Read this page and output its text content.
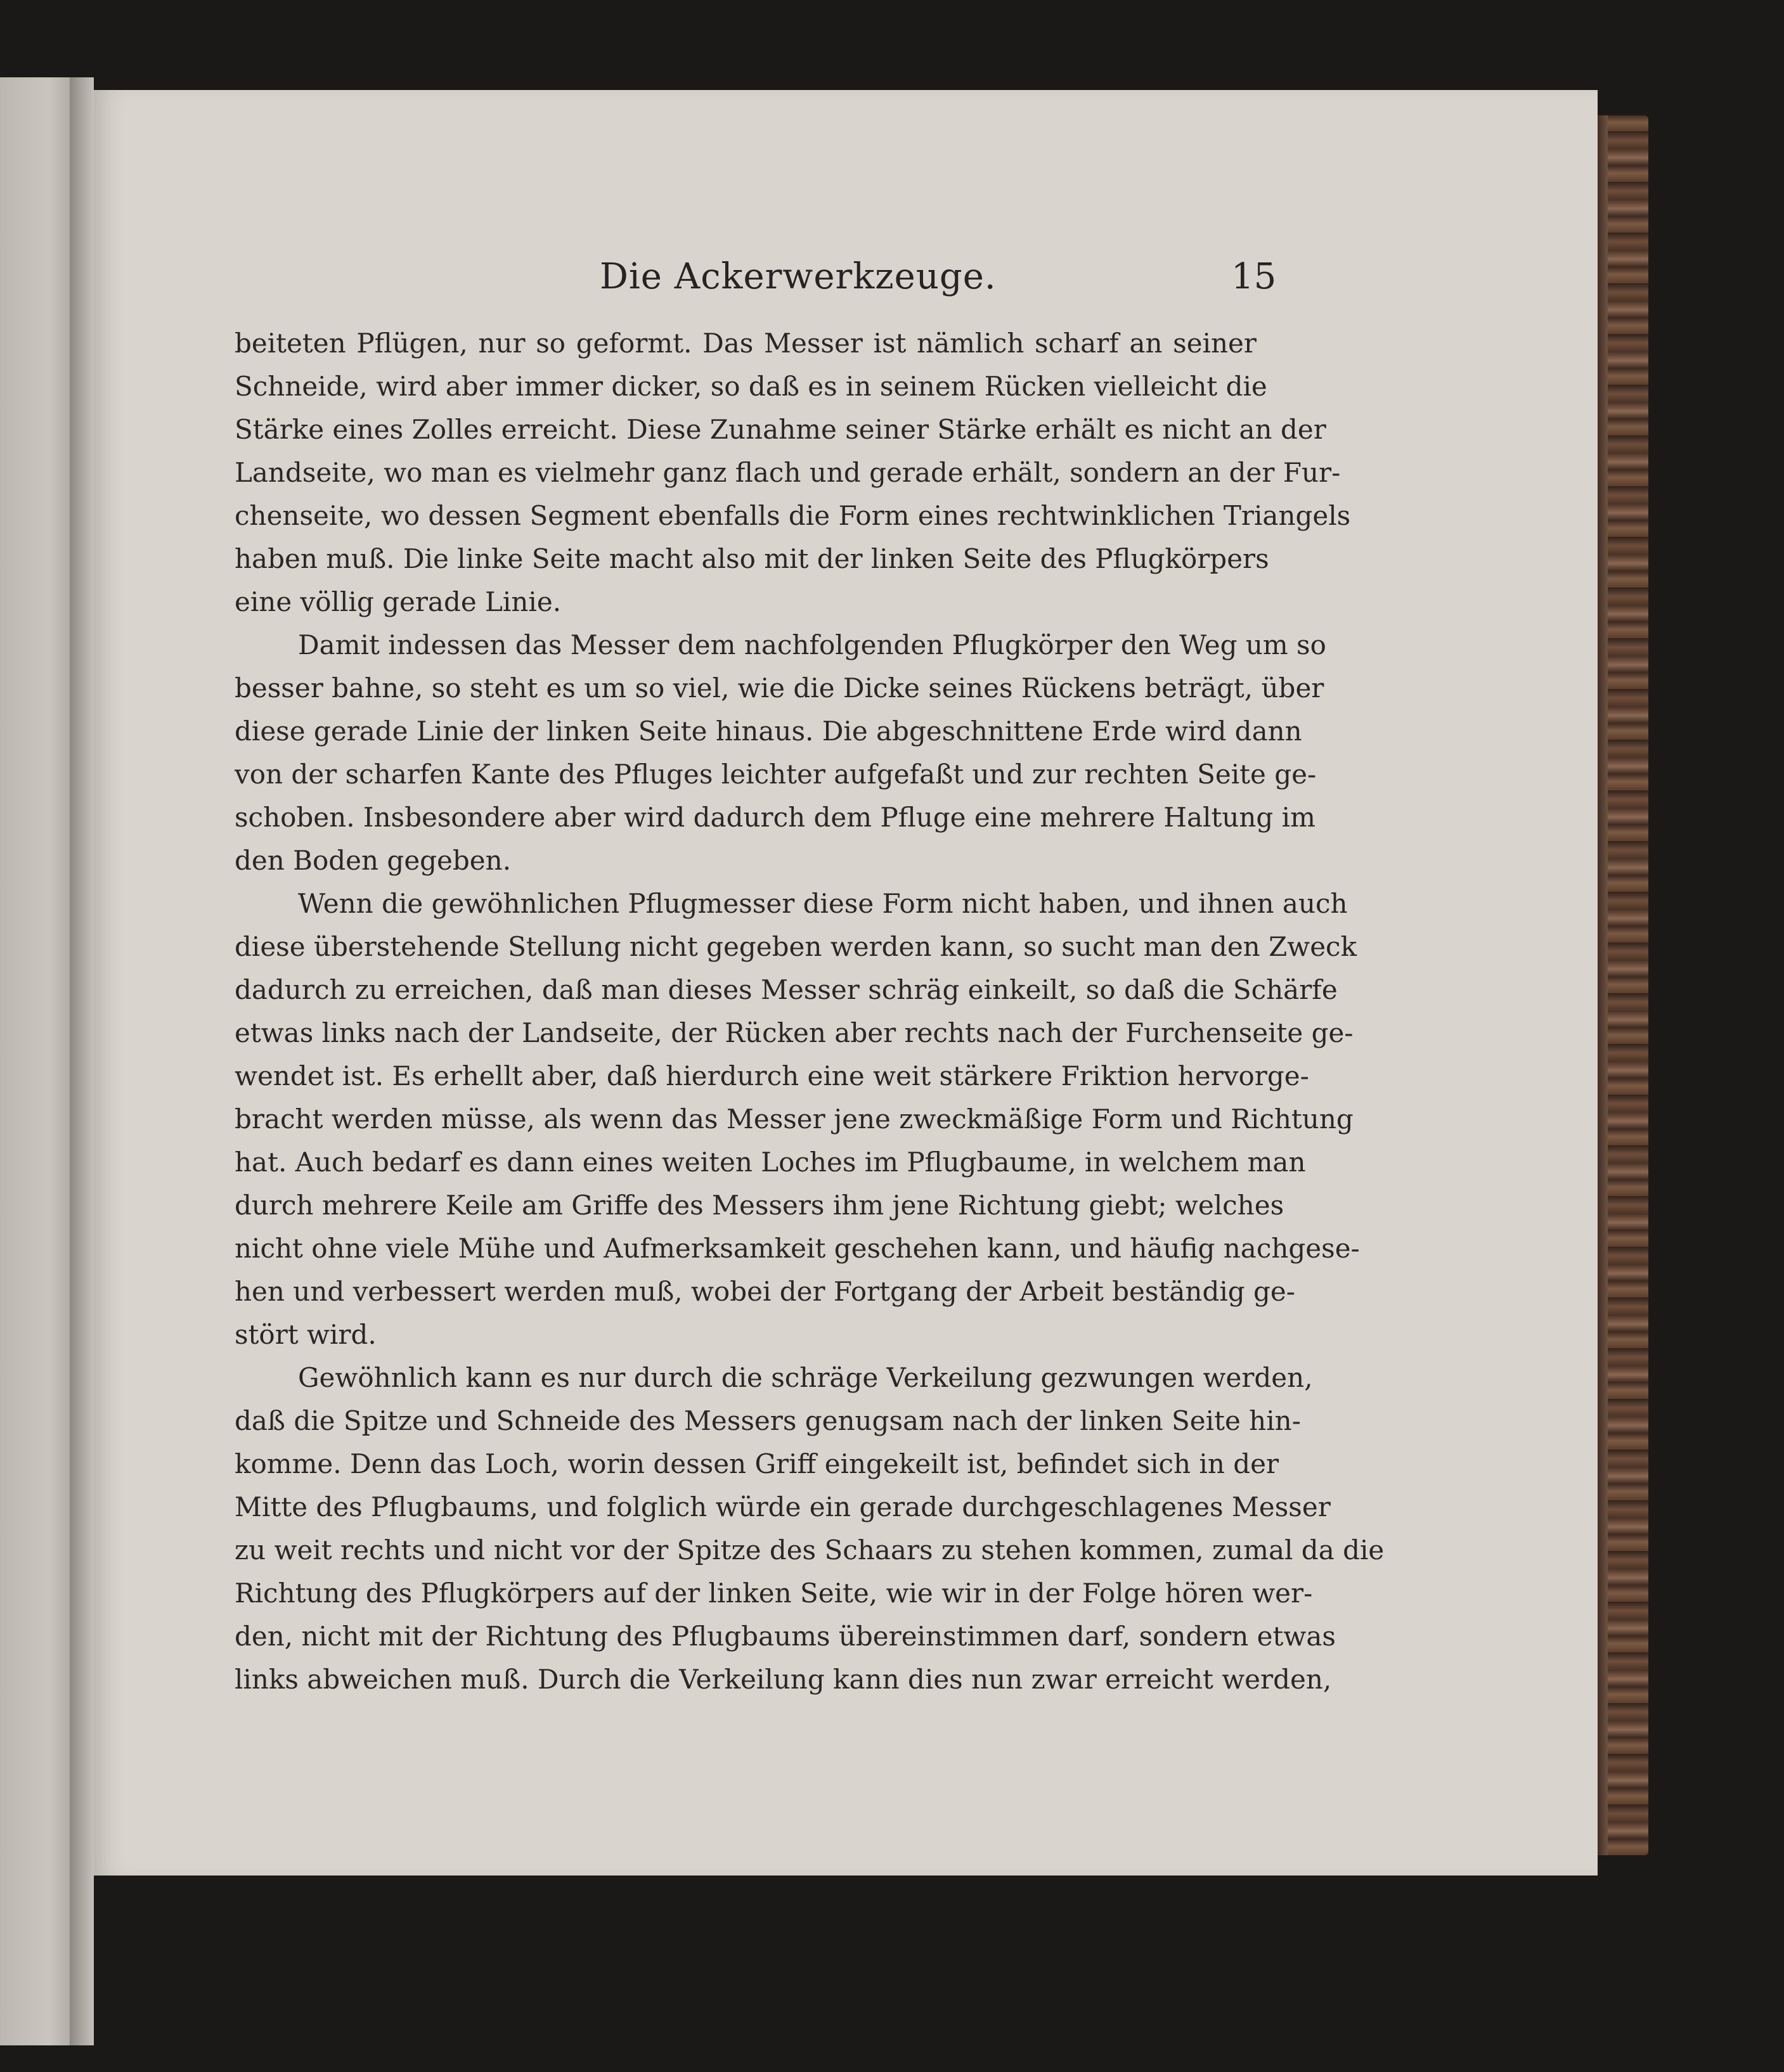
Die Ackerwerkzeuge.	15
beiteten Pflügen, nur so geformt. Das Messer ist nämlich scharf an seiner
Schneide, wird aber immer dicker, so daß es in seinem Rücken vielleicht die
Stärke eines Zolles erreicht. Diese Zunahme seiner Stärke erhält es nicht an der
Landseite, wo man es vielmehr ganz flach und gerade erhält, sondern an der Fur-
chenseite, wo dessen Segment ebenfalls die Form eines rechtwinklichen Triangels
haben muß. Die linke Seite macht also mit der linken Seite des Pflugkörpers
eine völlig gerade Linie.
Damit indessen das Messer dem nachfolgenden Pflugkörper den Weg um so
besser bahne, so steht es um so viel, wie die Dicke seines Rückens beträgt, über
diese gerade Linie der linken Seite hinaus. Die abgeschnittene Erde wird dann
von der scharfen Kante des Pfluges leichter aufgefaßt und zur rechten Seite ge-
schoben. Insbesondere aber wird dadurch dem Pfluge eine mehrere Haltung im
den Boden gegeben.
Wenn die gewöhnlichen Pflugmesser diese Form nicht haben, und ihnen auch
diese überstehende Stellung nicht gegeben werden kann, so sucht man den Zweck
dadurch zu erreichen, daß man dieses Messer schräg einkeilt, so daß die Schärfe
etwas links nach der Landseite, der Rücken aber rechts nach der Furchenseite ge-
wendet ist. Es erhellt aber, daß hierdurch eine weit stärkere Friktion hervorge-
bracht werden müsse, als wenn das Messer jene zweckmäßige Form und Richtung
hat. Auch bedarf es dann eines weiten Loches im Pflugbaume, in welchem man
durch mehrere Keile am Griffe des Messers ihm jene Richtung giebt; welches
nicht ohne viele Mühe und Aufmerksamkeit geschehen kann, und häufig nachgese-
hen und verbessert werden muß, wobei der Fortgang der Arbeit beständig ge-
stört wird.
Gewöhnlich kann es nur durch die schräge Verkeilung gezwungen werden,
daß die Spitze und Schneide des Messers genugsam nach der linken Seite hin-
komme. Denn das Loch, worin dessen Griff eingekeilt ist, befindet sich in der
Mitte des Pflugbaums, und folglich würde ein gerade durchgeschlagenes Messer
zu weit rechts und nicht vor der Spitze des Schaars zu stehen kommen, zumal da die
Richtung des Pflugkörpers auf der linken Seite, wie wir in der Folge hören wer-
den, nicht mit der Richtung des Pflugbaums übereinstimmen darf, sondern etwas
links abweichen muß. Durch die Verkeilung kann dies nun zwar erreicht werden,
